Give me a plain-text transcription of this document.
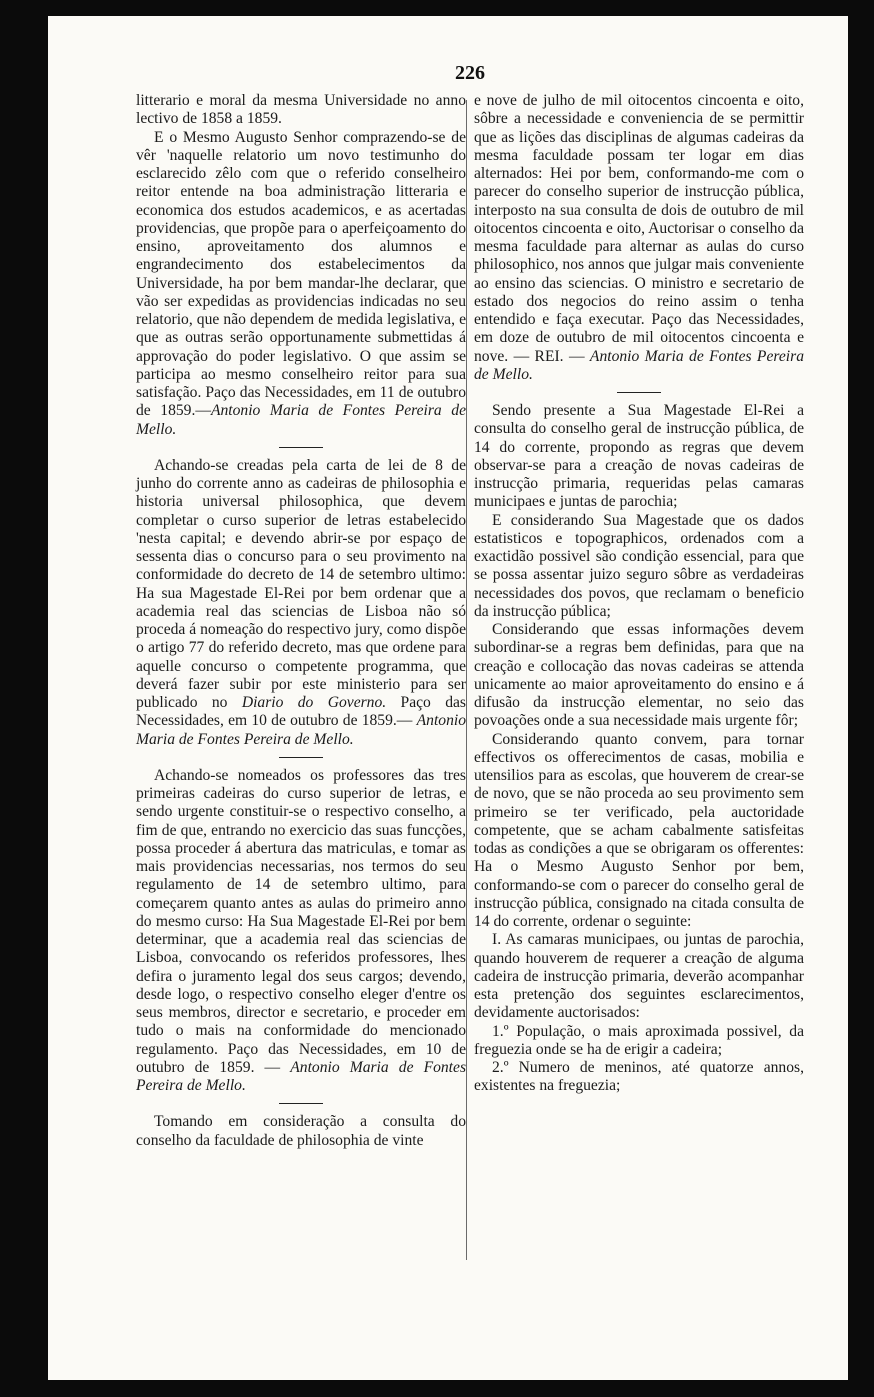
226

litterario e moral da mesma Universidade no anno lectivo de 1858 a 1859.

E o Mesmo Augusto Senhor comprazendo-se de vêr 'naquelle relatorio um novo testimunho do esclarecido zêlo com que o referido conselheiro reitor entende na boa administração litteraria e economica dos estudos academicos, e as acertadas providencias, que propõe para o aperfeiçoamento do ensino, aproveitamento dos alumnos e engrandecimento dos estabelecimentos da Universidade, ha por bem mandar-lhe declarar, que vão ser expedidas as providencias indicadas no seu relatorio, que não dependem de medida legislativa, e que as outras serão opportunamente submettidas á approvação do poder legislativo. O que assim se participa ao mesmo conselheiro reitor para sua satisfação. Paço das Necessidades, em 11 de outubro de 1859.—Antonio Maria de Fontes Pereira de Mello.

Achando-se creadas pela carta de lei de 8 de junho do corrente anno as cadeiras de philosophia e historia universal philosophica, que devem completar o curso superior de letras estabelecido 'nesta capital; e devendo abrir-se por espaço de sessenta dias o concurso para o seu provimento na conformidade do decreto de 14 de setembro ultimo: Ha sua Magestade El-Rei por bem ordenar que a academia real das sciencias de Lisboa não só proceda á nomeação do respectivo jury, como dispõe o artigo 77 do referido decreto, mas que ordene para aquelle concurso o competente programma, que deverá fazer subir por este ministerio para ser publicado no Diario do Governo. Paço das Necessidades, em 10 de outubro de 1859.— Antonio Maria de Fontes Pereira de Mello.

Achando-se nomeados os professores das tres primeiras cadeiras do curso superior de letras, e sendo urgente constituir-se o respectivo conselho, a fim de que, entrando no exercicio das suas funcções, possa proceder á abertura das matriculas, e tomar as mais providencias necessarias, nos termos do seu regulamento de 14 de setembro ultimo, para começarem quanto antes as aulas do primeiro anno do mesmo curso: Ha Sua Magestade El-Rei por bem determinar, que a academia real das sciencias de Lisboa, convocando os referidos professores, lhes defira o juramento legal dos seus cargos; devendo, desde logo, o respectivo conselho eleger d'entre os seus membros, director e secretario, e proceder em tudo o mais na conformidade do mencionado regulamento. Paço das Necessidades, em 10 de outubro de 1859. — Antonio Maria de Fontes Pereira de Mello.

Tomando em consideração a consulta do conselho da faculdade de philosophia de vinte

e nove de julho de mil oitocentos cincoenta e oito, sôbre a necessidade e conveniencia de se permittir que as lições das disciplinas de algumas cadeiras da mesma faculdade possam ter logar em dias alternados: Hei por bem, conformando-me com o parecer do conselho superior de instrucção pública, interposto na sua consulta de dois de outubro de mil oitocentos cincoenta e oito, Auctorisar o conselho da mesma faculdade para alternar as aulas do curso philosophico, nos annos que julgar mais conveniente ao ensino das sciencias. O ministro e secretario de estado dos negocios do reino assim o tenha entendido e faça executar. Paço das Necessidades, em doze de outubro de mil oitocentos cincoenta e nove. — REI. — Antonio Maria de Fontes Pereira de Mello.

Sendo presente a Sua Magestade El-Rei a consulta do conselho geral de instrucção pública, de 14 do corrente, propondo as regras que devem observar-se para a creação de novas cadeiras de instrucção primaria, requeridas pelas camaras municipaes e juntas de parochia;

E considerando Sua Magestade que os dados estatisticos e topographicos, ordenados com a exactidão possivel são condição essencial, para que se possa assentar juizo seguro sôbre as verdadeiras necessidades dos povos, que reclamam o beneficio da instrucção pública;

Considerando que essas informações devem subordinar-se a regras bem definidas, para que na creação e collocação das novas cadeiras se attenda unicamente ao maior aproveitamento do ensino e á difusão da instrucção elementar, no seio das povoações onde a sua necessidade mais urgente fôr;

Considerando quanto convem, para tornar effectivos os offerecimentos de casas, mobilia e utensilios para as escolas, que houverem de crear-se de novo, que se não proceda ao seu provimento sem primeiro se ter verificado, pela auctoridade competente, que se acham cabalmente satisfeitas todas as condições a que se obrigaram os offerentes: Ha o Mesmo Augusto Senhor por bem, conformando-se com o parecer do conselho geral de instrucção pública, consignado na citada consulta de 14 do corrente, ordenar o seguinte:

I. As camaras municipaes, ou juntas de parochia, quando houverem de requerer a creação de alguma cadeira de instrucção primaria, deverão acompanhar esta pretenção dos seguintes esclarecimentos, devidamente auctorisados:

1.º População, o mais aproximada possivel, da freguezia onde se ha de erigir a cadeira;

2.º Numero de meninos, até quatorze annos, existentes na freguezia;
